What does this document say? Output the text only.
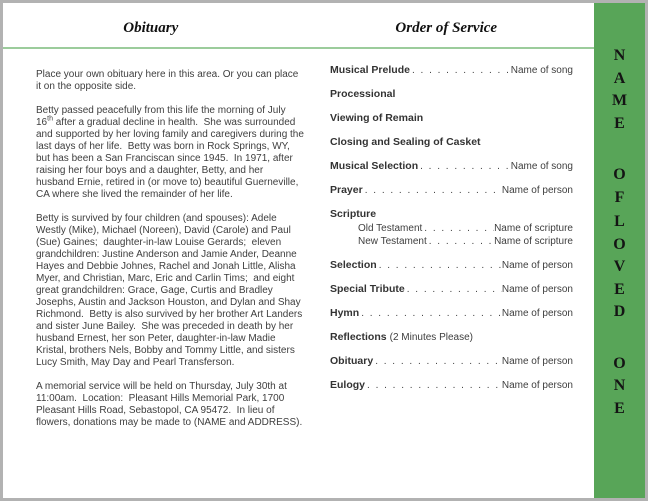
Obituary	Order of Service

Place your own obituary here in this area. Or you can place it on the opposite side.

Betty passed peacefully from this life the morning of July 16th after a gradual decline in health.  She was surrounded and supported by her loving family and caregivers during the last days of her life.  Betty was born in Rock Springs, WY, but has been a San Franciscan since 1945.  In 1971, after raising her four boys and a daughter, Betty, and her husband Ernie, retired in (or move to) beautiful Guerneville, CA where she lived the remainder of her life.

Betty is survived by four children (and spouses): Adele Westly (Mike), Michael (Noreen), David (Carole) and Paul (Sue) Gaines;  daughter-in-law Louise Gerards;  eleven grandchildren: Justine Anderson and Jamie Ander, Deanne Hayes and Debbie Johnes, Rachel and Jonah Little, Alisha Myer, and Christian, Marc, Eric and Carlin Tims;  and eight great grandchildren: Grace, Gage, Curtis and Bradley Josephs, Austin and Jackson Houston, and Dylan and Shay Richmond.  Betty is also survived by her brother Art Landers and sister June Bailey.  She was preceded in death by her husband Ernest, her son Peter, daughter-in-law Madie Kristal, brothers Nels, Bobby and Tommy Little, and sisters Lucy Smith, May Day and Pearl Transferson.

A memorial service will be held on Thursday, July 30th at 11:00am.  Location:  Pleasant Hills Memorial Park, 1700 Pleasant Hills Road, Sebastopol, CA 95472.  In lieu of flowers, donations may be made to (NAME and ADDRESS).

Musical Prelude . . .	Name of song
Processional
Viewing of Remain
Closing and Sealing of Casket
Musical Selection . . .	Name of song
Prayer . . .	Name of person
Scripture
Old Testament . . .	Name of scripture
New Testament . . .	Name of scripture
Selection . . .	Name of person
Special Tribute . . .	Name of person
Hymn . . .	Name of person
Reflections (2 Minutes Please)
Obituary . . .	Name of person
Eulogy . . .	Name of person
NAME
OF
LOVED
ONE
